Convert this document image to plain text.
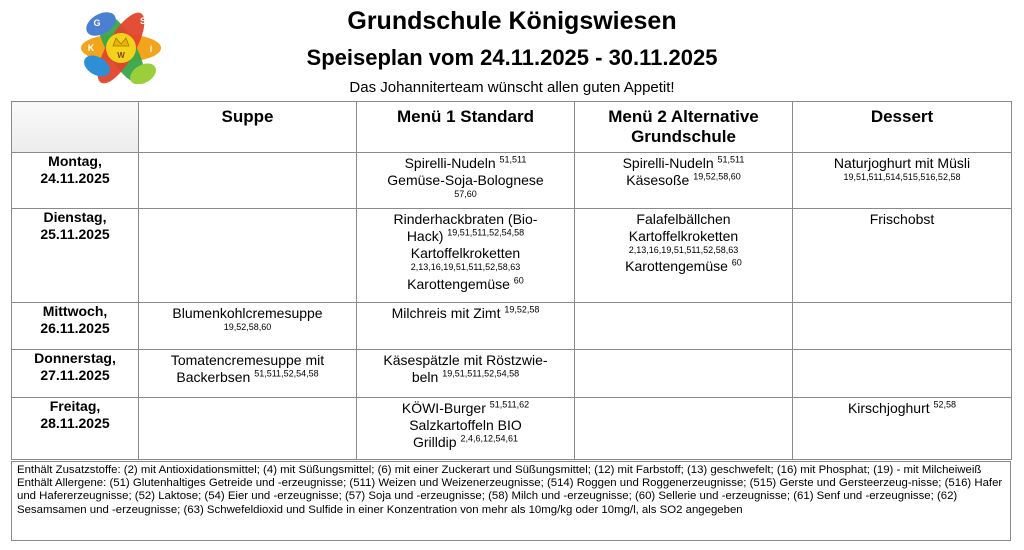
G	S
K
W
i
ö
Grundschule Königswiesen
Speiseplan vom 24.11.2025 - 30.11.2025
Das Johanniterteam wünscht allen guten Appetit!
	Suppe	Menü 1 Standard	Menü 2 Alternative
Grundschule	Dessert

Montag,
24.11.2025		Spirelli-Nudeln $^{51,511}$
Gemüse-Soja-Bolognese
57,60	Spirelli-Nudeln $^{51,511}$
Käsesoße $^{19,52,58,60}$	Naturjoghurt mit Müsli
19,51,511,514,515,516,52,58

Dienstag,
25.11.2025		Rinderhackbraten (Bio-
Hack) $^{19,51,511,52,54,58}$
Kartoffelkroketten
2,13,16,19,51,511,52,58,63
Karottengemüse $^{60}$	Falafelbällchen
Kartoffelkroketten
2,13,16,19,51,511,52,58,63
Karottengemüse $^{60}$	Frischobst

Mittwoch,
26.11.2025	Blumenkohlcremesuppe
19,52,58,60	Milchreis mit Zimt $^{19,52,58}$

Donnerstag,
27.11.2025	Tomatencremesuppe mit
Backerbsen $^{51,511,52,54,58}$	Käsespätzle mit Röstzwie-
beln $^{19,51,511,52,54,58}$

Freitag,
28.11.2025		KÖWI-Burger $^{51,511,62}$
Salzkartoffeln BIO
Grilldip $^{2,4,6,12,54,61}$		Kirschjoghurt $^{52,58}$

Enthält Zusatzstoffe: (2) mit Antioxidationsmittel; (4) mit Süßungsmittel; (6) mit einer Zuckerart und Süßungsmittel; (12) mit Farbstoff; (13) geschwefelt; (16) mit Phosphat; (19) - mit Milcheiweiß

Enthält Allergene: (51) Glutenhaltiges Getreide und -erzeugnisse; (511) Weizen und Weizenerzeugnisse; (514) Roggen und Roggenerzeugnisse; (515) Gerste und Gersteerzeug-nisse; (516) Hafer und Hafererzeugnisse; (52) Laktose; (54) Eier und -erzeugnisse; (57) Soja und -erzeugnisse; (58) Milch und -erzeugnisse; (60) Sellerie und -erzeugnisse; (61) Senf und -erzeugnisse; (62) Sesamsamen und -erzeugnisse; (63) Schwefeldioxid und Sulfide in einer Konzentration von mehr als 10mg/kg oder 10mg/l, als SO2 angegeben
